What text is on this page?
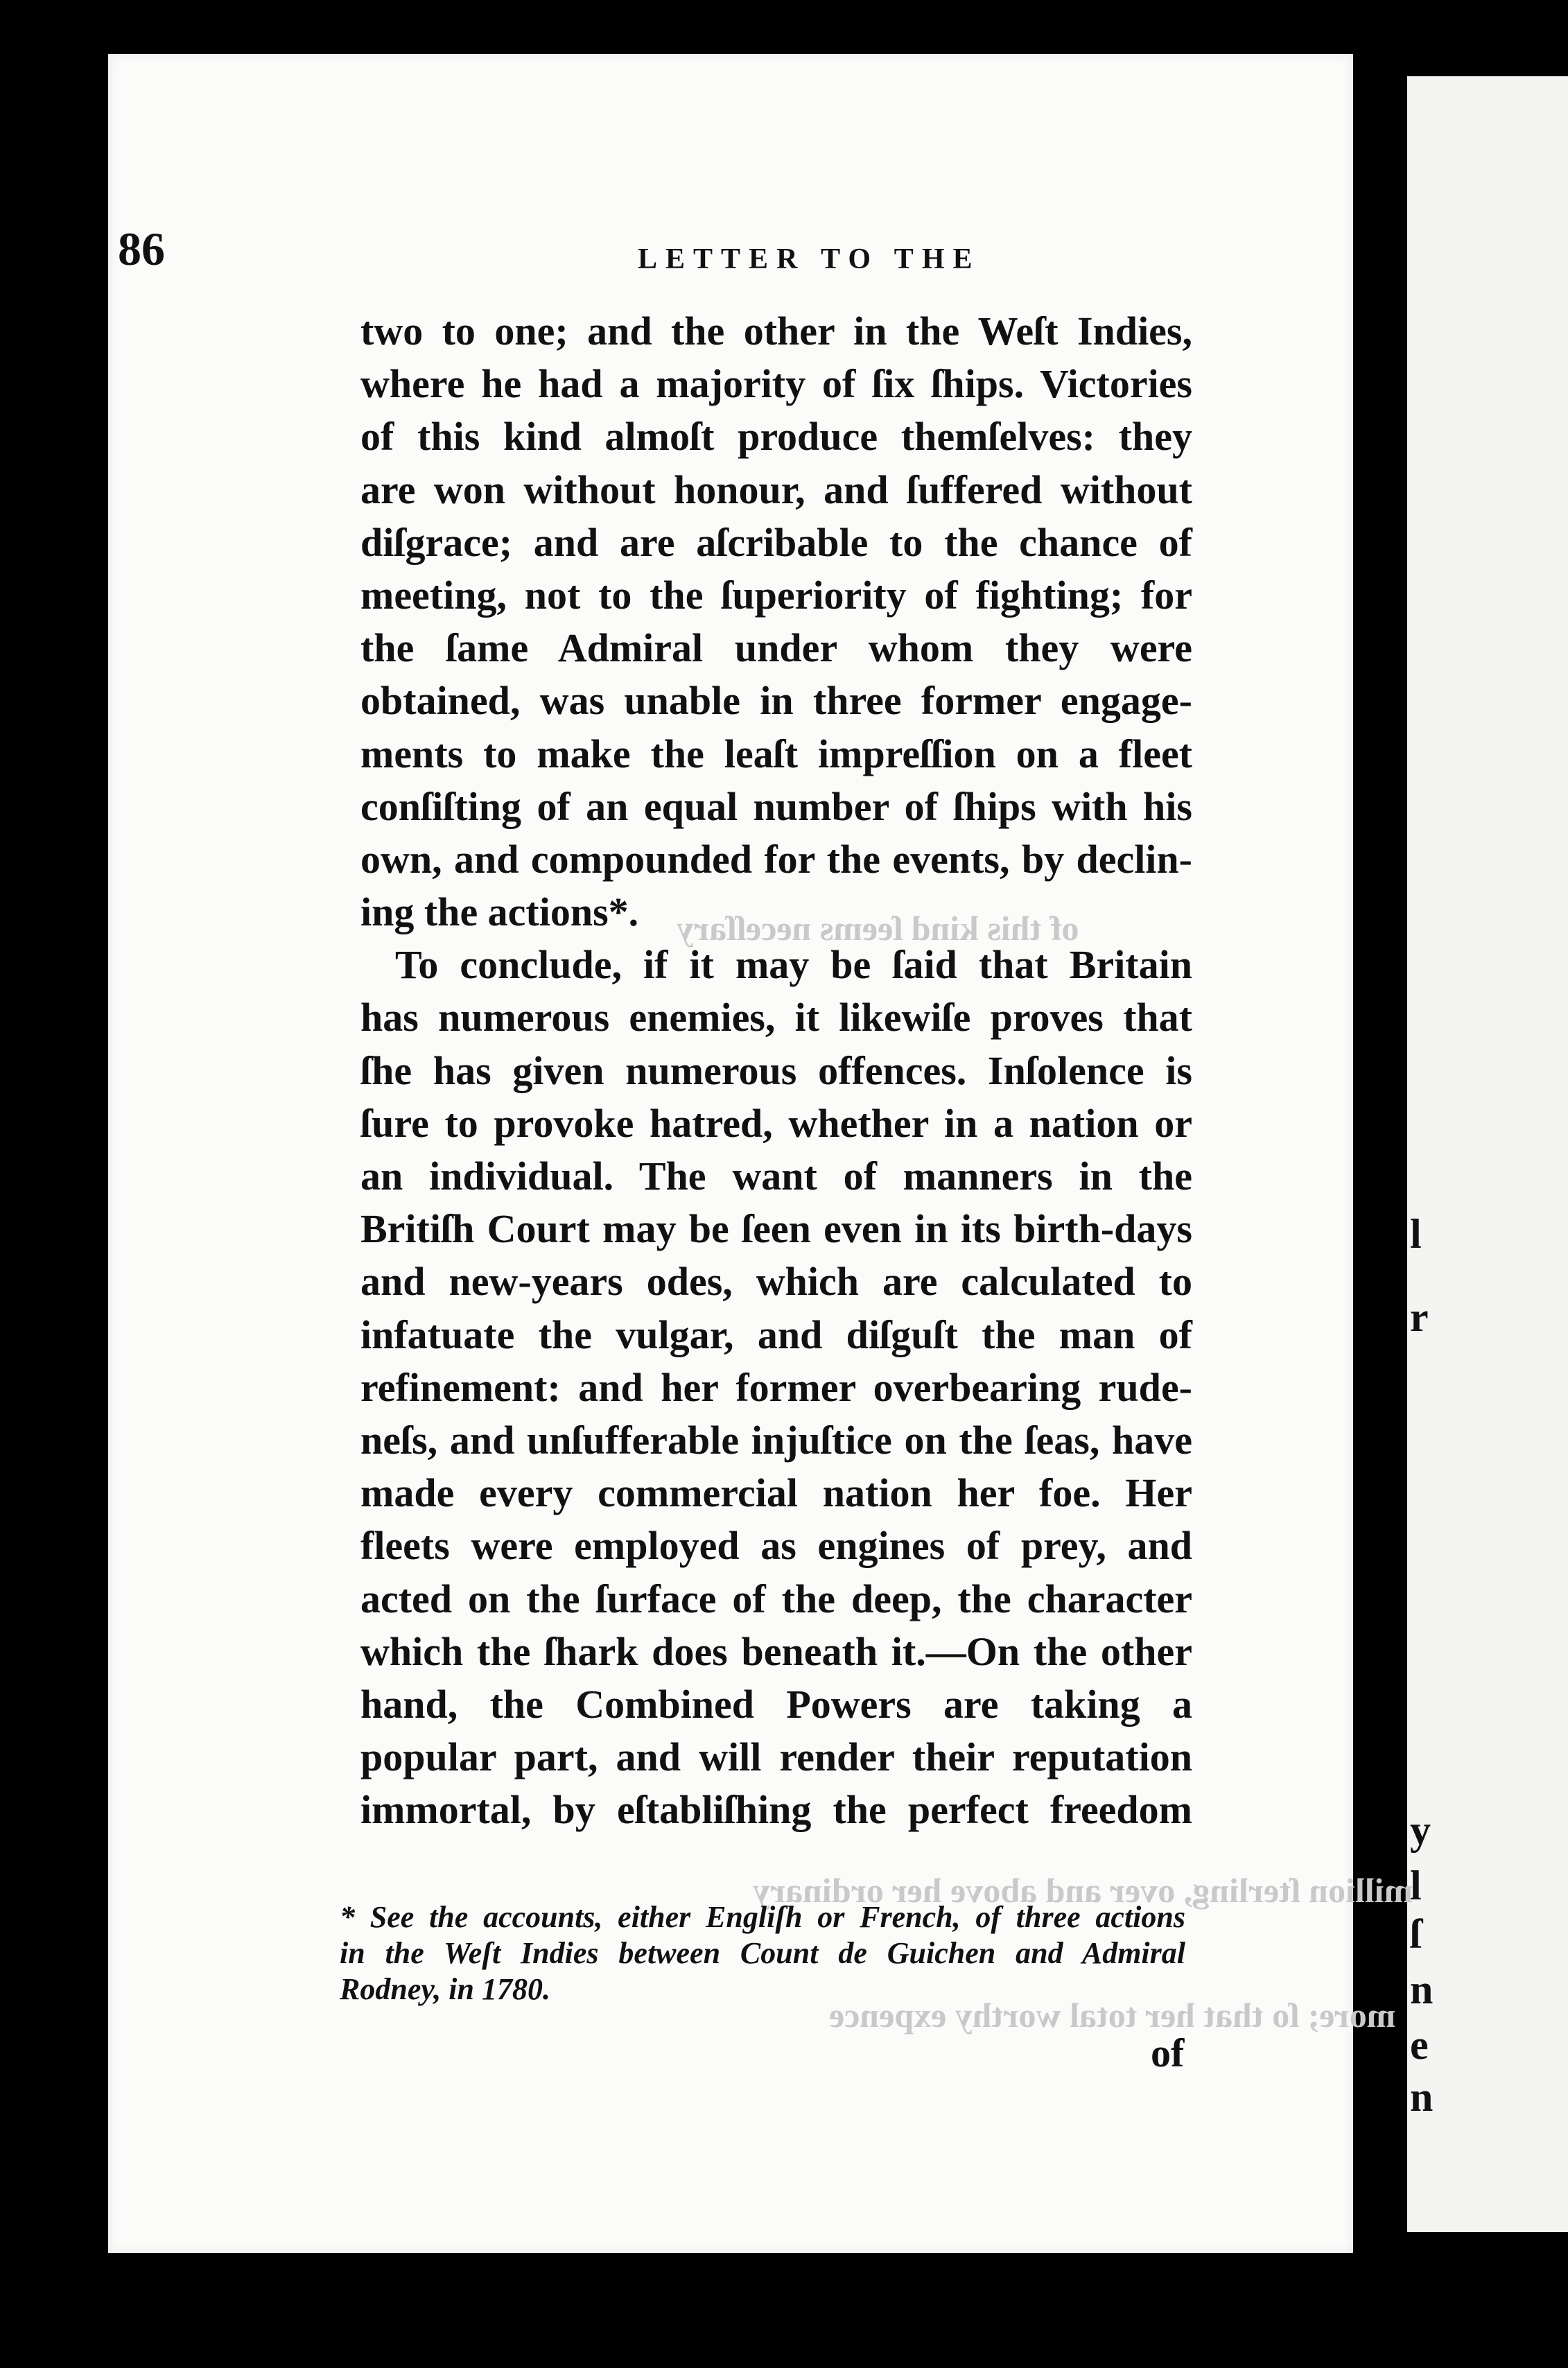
l
r
y
l
ſ
n
e
n
of this kind ſeems neceſſary
million ſterling, over and above her ordinary
more; ſo that her total worthy expence
86	LETTER TO THE
two to one; and the other in the Weſt Indies,
where he had a majority of ſix ſhips. Victories
of this kind almoſt produce themſelves: they
are won without honour, and ſuffered without
diſgrace; and are aſcribable to the chance of
meeting, not to the ſuperiority of fighting; for
the ſame Admiral under whom they were
obtained, was unable in three former engage-
ments to make the leaſt impreſſion on a fleet
conſiſting of an equal number of ſhips with his
own, and compounded for the events, by declin-
ing the actions*.
To conclude, if it may be ſaid that Britain
has numerous enemies, it likewiſe proves that
ſhe has given numerous offences. Inſolence is
ſure to provoke hatred, whether in a nation or
an individual. The want of manners in the
Britiſh Court may be ſeen even in its birth-days
and new-years odes, which are calculated to
infatuate the vulgar, and diſguſt the man of
refinement: and her former overbearing rude-
neſs, and unſufferable injuſtice on the ſeas, have
made every commercial nation her foe. Her
fleets were employed as engines of prey, and
acted on the ſurface of the deep, the character
which the ſhark does beneath it.—On the other
hand, the Combined Powers are taking a
popular part, and will render their reputation
immortal, by eſtabliſhing the perfect freedom
* See the accounts, either Engliſh or French, of three actions
in the Weſt Indies between Count de Guichen and Admiral
Rodney, in 1780.
of
